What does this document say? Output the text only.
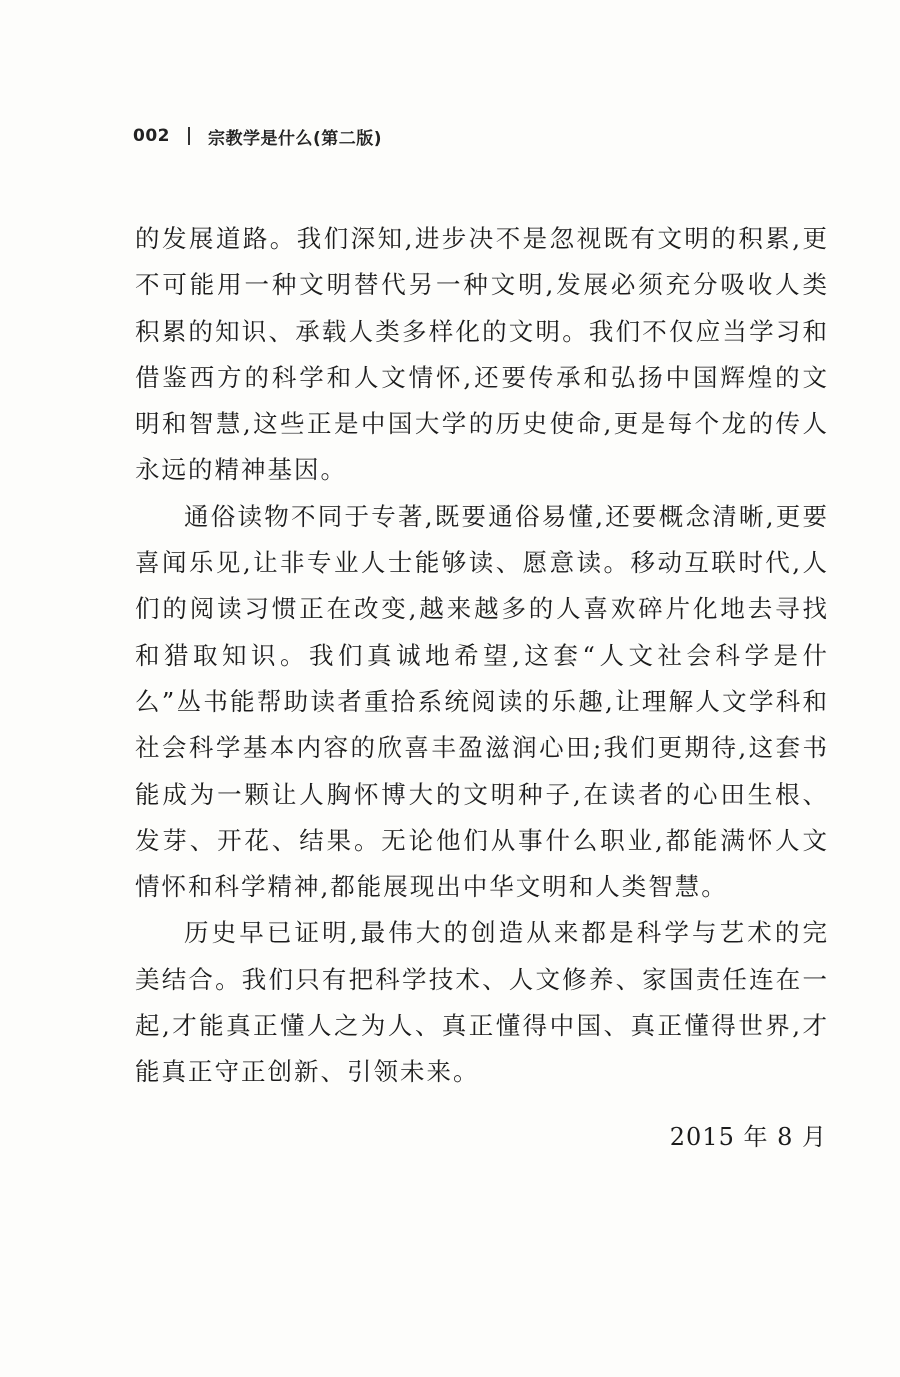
002 宗教学是什么(第二版)

的发展道路。我们深知,进步决不是忽视既有文明的积累,更不可能用一种文明替代另一种文明,发展必须充分吸收人类积累的知识、承载人类多样化的文明。我们不仅应当学习和借鉴西方的科学和人文情怀,还要传承和弘扬中国辉煌的文明和智慧,这些正是中国大学的历史使命,更是每个龙的传人永远的精神基因。

通俗读物不同于专著,既要通俗易懂,还要概念清晰,更要喜闻乐见,让非专业人士能够读、愿意读。移动互联时代,人们的阅读习惯正在改变,越来越多的人喜欢碎片化地去寻找和猎取知识。我们真诚地希望,这套“人文社会科学是什么”丛书能帮助读者重拾系统阅读的乐趣,让理解人文学科和社会科学基本内容的欣喜丰盈滋润心田;我们更期待,这套书能成为一颗让人胸怀博大的文明种子,在读者的心田生根、发芽、开花、结果。无论他们从事什么职业,都能满怀人文情怀和科学精神,都能展现出中华文明和人类智慧。

历史早已证明,最伟大的创造从来都是科学与艺术的完美结合。我们只有把科学技术、人文修养、家国责任连在一起,才能真正懂人之为人、真正懂得中国、真正懂得世界,才能真正守正创新、引领未来。

2015 年 8 月
